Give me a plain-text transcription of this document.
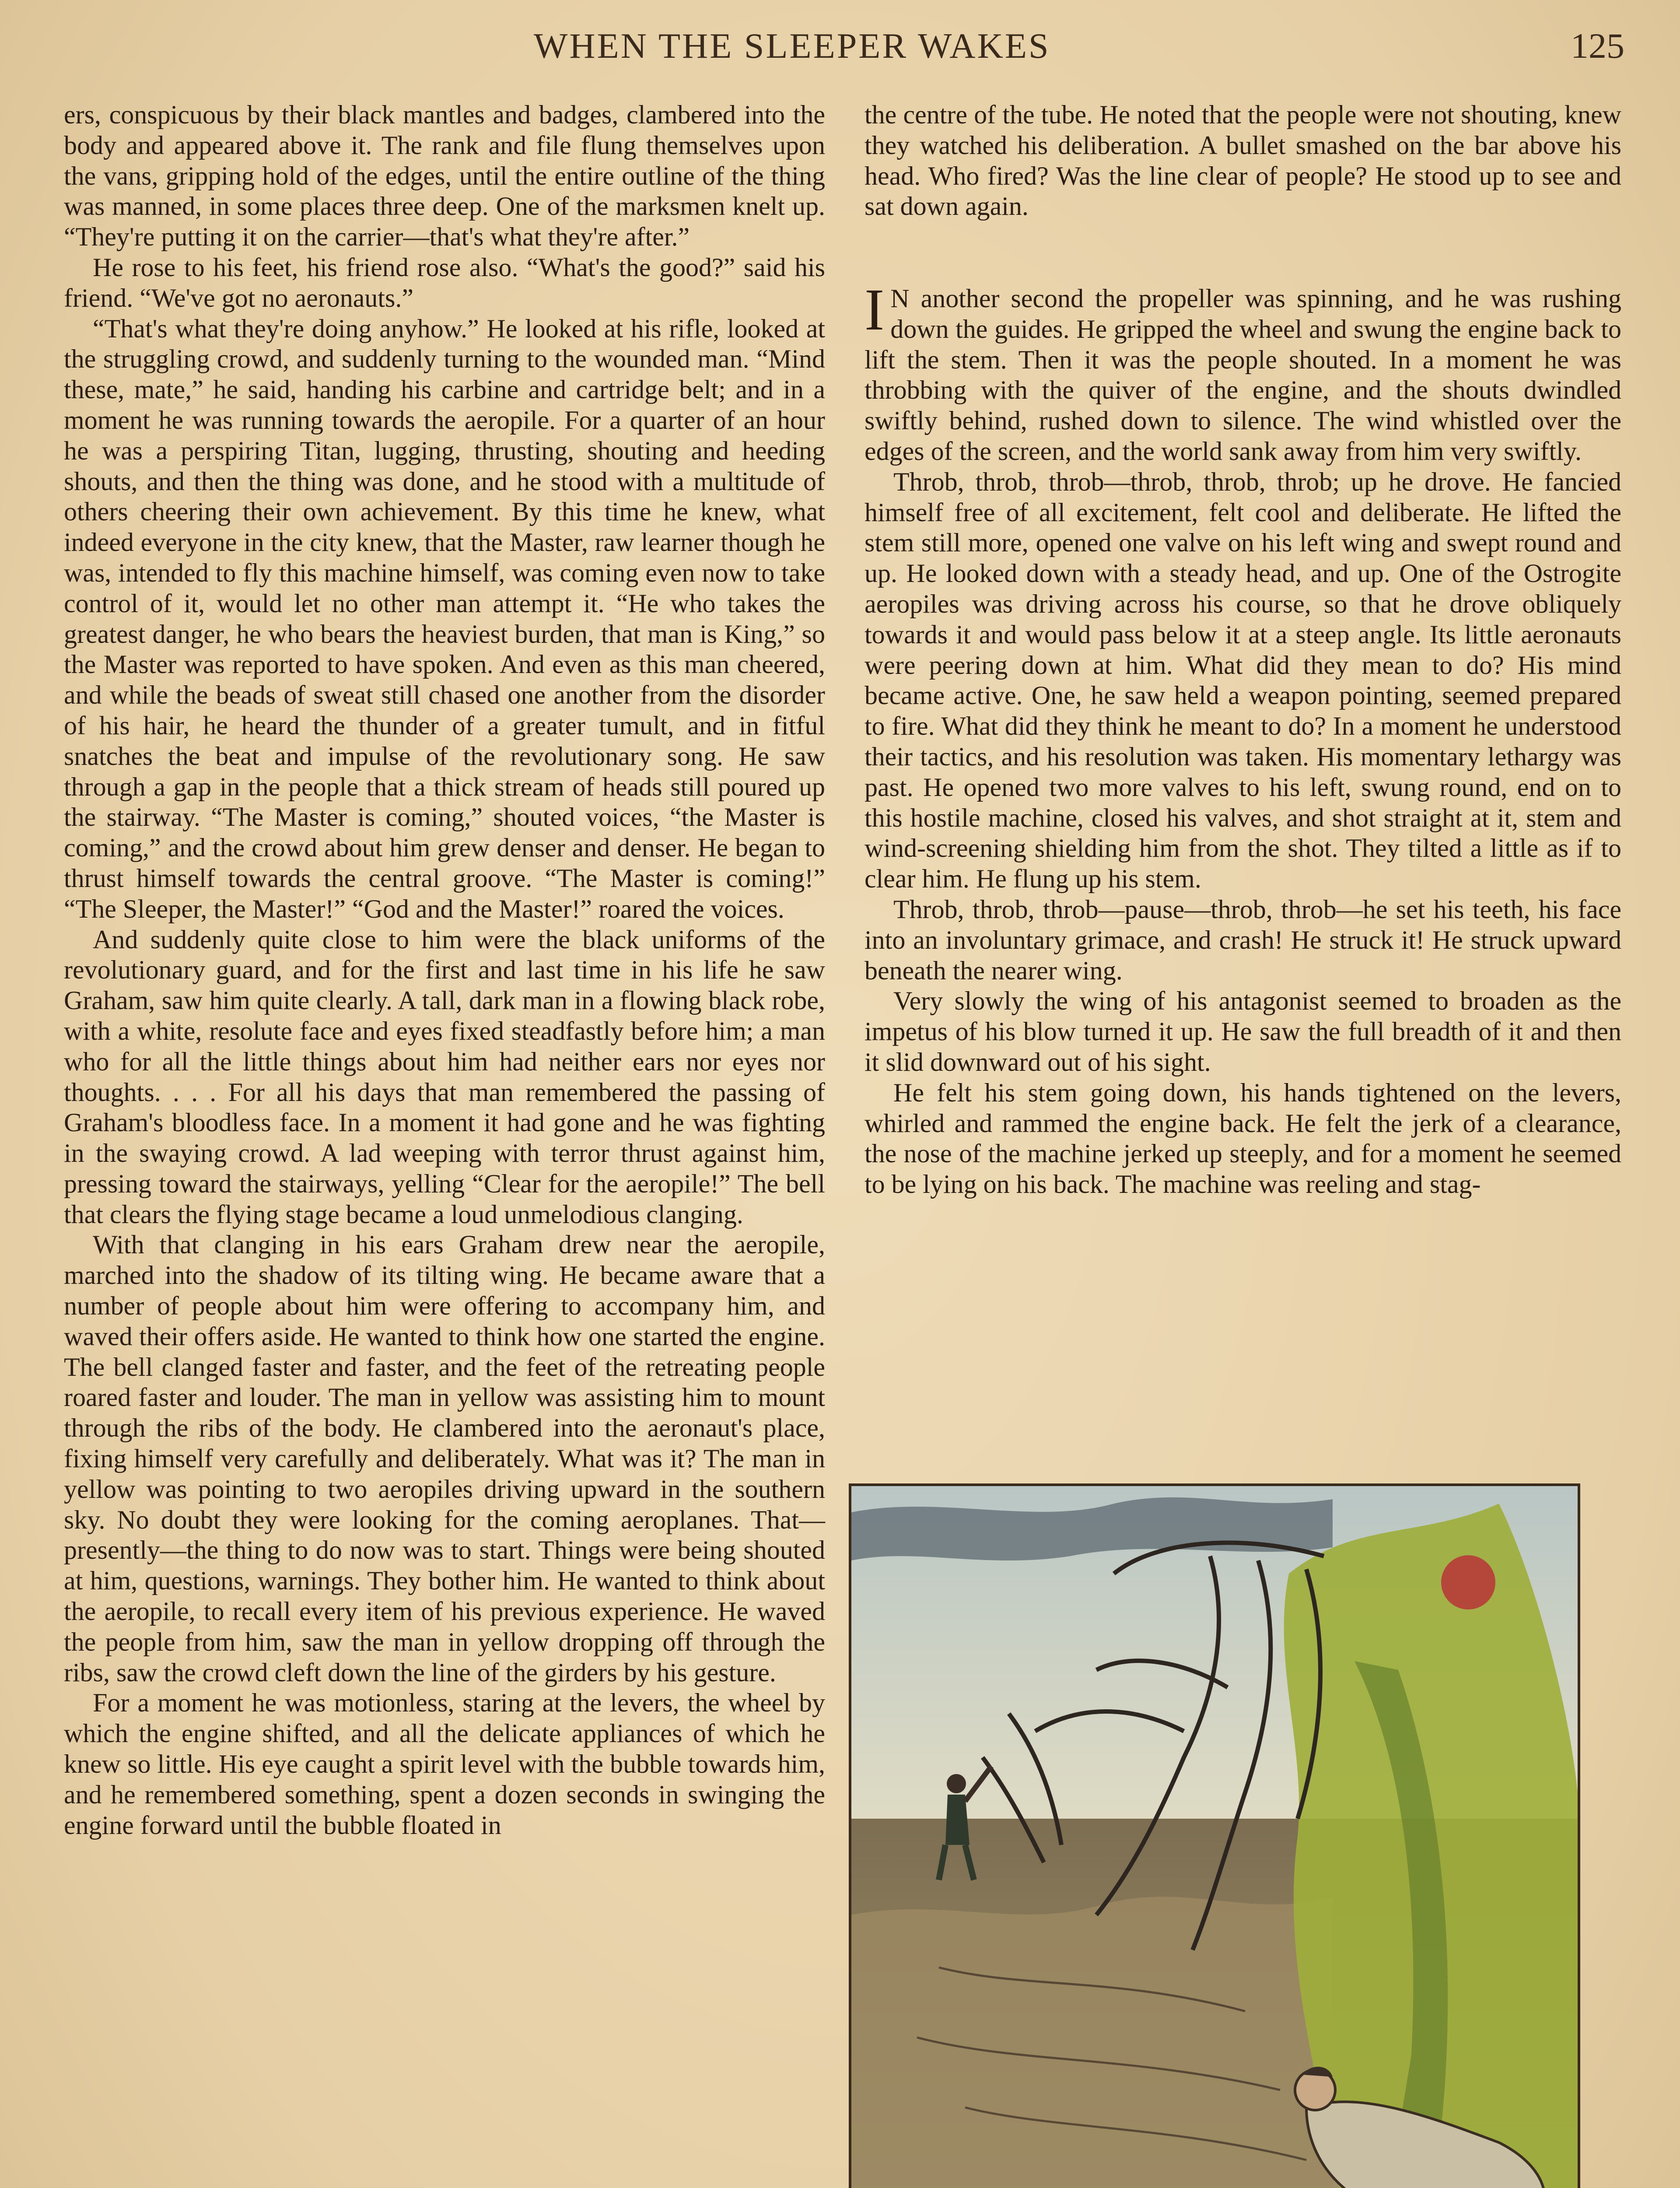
WHEN THE SLEEPER WAKES	125

ers, conspicuous by their black mantles and badges, clambered into the body and appeared above it. The rank and file flung themselves upon the vans, gripping hold of the edges, until the entire outline of the thing was manned, in some places three deep. One of the marksmen knelt up. “They're putting it on the carrier—that's what they're after.”

He rose to his feet, his friend rose also. “What's the good?” said his friend. “We've got no aeronauts.”

“That's what they're doing anyhow.” He looked at his rifle, looked at the struggling crowd, and suddenly turning to the wounded man. “Mind these, mate,” he said, handing his carbine and cartridge belt; and in a moment he was running towards the aeropile. For a quarter of an hour he was a perspiring Titan, lugging, thrusting, shouting and heeding shouts, and then the thing was done, and he stood with a multitude of others cheering their own achievement. By this time he knew, what indeed everyone in the city knew, that the Master, raw learner though he was, intended to fly this machine himself, was coming even now to take control of it, would let no other man attempt it. “He who takes the greatest danger, he who bears the heaviest burden, that man is King,” so the Master was reported to have spoken. And even as this man cheered, and while the beads of sweat still chased one another from the disorder of his hair, he heard the thunder of a greater tumult, and in fitful snatches the beat and impulse of the revolutionary song. He saw through a gap in the people that a thick stream of heads still poured up the stairway. “The Master is coming,” shouted voices, “the Master is coming,” and the crowd about him grew denser and denser. He began to thrust himself towards the central groove. “The Master is coming!” “The Sleeper, the Master!” “God and the Master!” roared the voices.

And suddenly quite close to him were the black uniforms of the revolutionary guard, and for the first and last time in his life he saw Graham, saw him quite clearly. A tall, dark man in a flowing black robe, with a white, resolute face and eyes fixed steadfastly before him; a man who for all the little things about him had neither ears nor eyes nor thoughts. . . . For all his days that man remembered the passing of Graham's bloodless face. In a moment it had gone and he was fighting in the swaying crowd. A lad weeping with terror thrust against him, pressing toward the stairways, yelling “Clear for the aeropile!” The bell that clears the flying stage became a loud unmelodious clanging.

With that clanging in his ears Graham drew near the aeropile, marched into the shadow of its tilting wing. He became aware that a number of people about him were offering to accompany him, and waved their offers aside. He wanted to think how one started the engine. The bell clanged faster and faster, and the feet of the retreating people roared faster and louder. The man in yellow was assisting him to mount through the ribs of the body. He clambered into the aeronaut's place, fixing himself very carefully and deliberately. What was it? The man in yellow was pointing to two aeropiles driving upward in the southern sky. No doubt they were looking for the coming aeroplanes. That—presently—the thing to do now was to start. Things were being shouted at him, questions, warnings. They bother him. He wanted to think about the aeropile, to recall every item of his previous experience. He waved the people from him, saw the man in yellow dropping off through the ribs, saw the crowd cleft down the line of the girders by his gesture.

For a moment he was motionless, staring at the levers, the wheel by which the engine shifted, and all the delicate appliances of which he knew so little. His eye caught a spirit level with the bubble towards him, and he remembered something, spent a dozen seconds in swinging the engine forward until the bubble floated in

the centre of the tube. He noted that the people were not shouting, knew they watched his deliberation. A bullet smashed on the bar above his head. Who fired? Was the line clear of people? He stood up to see and sat down again.

I N another second the propeller was spinning, and he was rushing down the guides. He gripped the wheel and swung the engine back to lift the stem. Then it was the people shouted. In a moment he was throbbing with the quiver of the engine, and the shouts dwindled swiftly behind, rushed down to silence. The wind whistled over the edges of the screen, and the world sank away from him very swiftly.

Throb, throb, throb—throb, throb, throb; up he drove. He fancied himself free of all excitement, felt cool and deliberate. He lifted the stem still more, opened one valve on his left wing and swept round and up. He looked down with a steady head, and up. One of the Ostrogite aeropiles was driving across his course, so that he drove obliquely towards it and would pass below it at a steep angle. Its little aeronauts were peering down at him. What did they mean to do? His mind became active. One, he saw held a weapon pointing, seemed prepared to fire. What did they think he meant to do? In a moment he understood their tactics, and his resolution was taken. His momentary lethargy was past. He opened two more valves to his left, swung round, end on to this hostile machine, closed his valves, and shot straight at it, stem and wind-screening shielding him from the shot. They tilted a little as if to clear him. He flung up his stem.

Throb, throb, throb—pause—throb, throb—he set his teeth, his face into an involuntary grimace, and crash! He struck it! He struck upward beneath the nearer wing.

Very slowly the wing of his antagonist seemed to broaden as the impetus of his blow turned it up. He saw the full breadth of it and then it slid downward out of his sight.

He felt his stem going down, his hands tightened on the levers, whirled and rammed the engine back. He felt the jerk of a clearance, the nose of the machine jerked up steeply, and for a moment he seemed to be lying on his back. The machine was reeling and stag-
